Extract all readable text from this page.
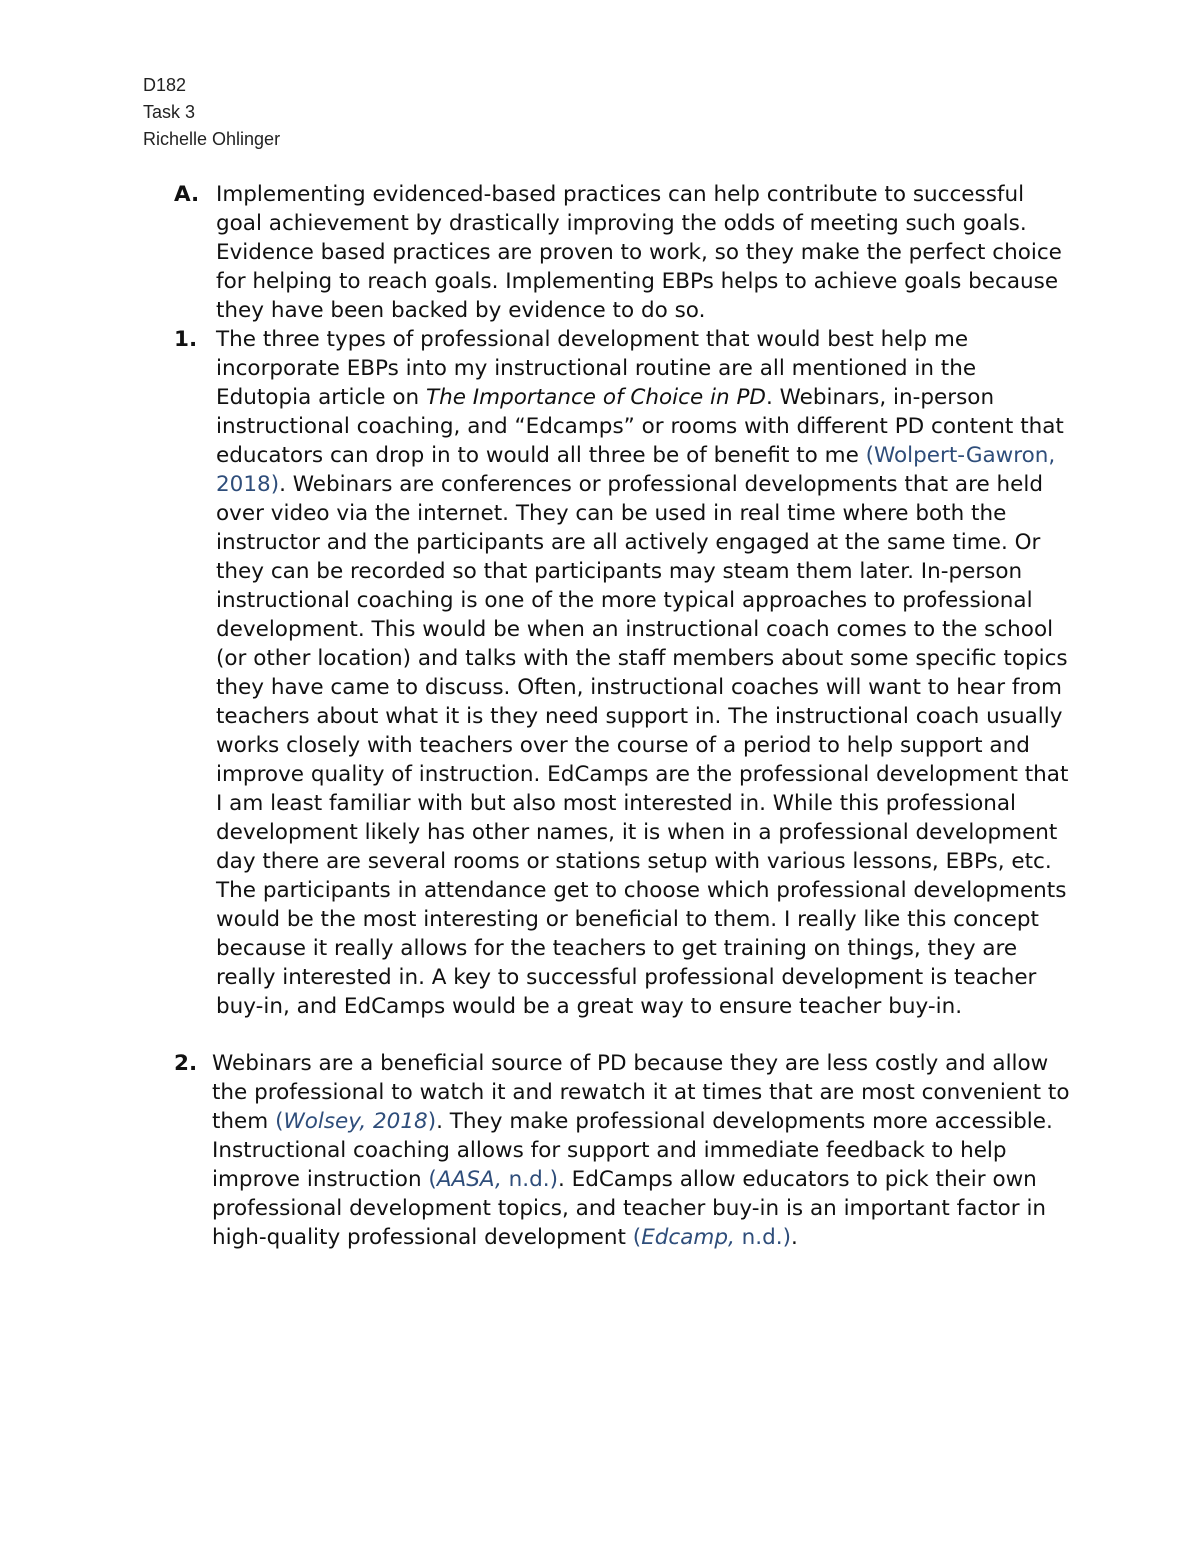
D182
Task 3
Richelle Ohlinger
A. Implementing evidenced-based practices can help contribute to successful goal achievement by drastically improving the odds of meeting such goals. Evidence based practices are proven to work, so they make the perfect choice for helping to reach goals. Implementing EBPs helps to achieve goals because they have been backed by evidence to do so.
1. The three types of professional development that would best help me incorporate EBPs into my instructional routine are all mentioned in the Edutopia article on The Importance of Choice in PD. Webinars, in-person instructional coaching, and “Edcamps” or rooms with different PD content that educators can drop in to would all three be of benefit to me (Wolpert-Gawron, 2018). Webinars are conferences or professional developments that are held over video via the internet. They can be used in real time where both the instructor and the participants are all actively engaged at the same time. Or they can be recorded so that participants may steam them later. In-person instructional coaching is one of the more typical approaches to professional development. This would be when an instructional coach comes to the school (or other location) and talks with the staff members about some specific topics they have came to discuss. Often, instructional coaches will want to hear from teachers about what it is they need support in. The instructional coach usually works closely with teachers over the course of a period to help support and improve quality of instruction. EdCamps are the professional development that I am least familiar with but also most interested in. While this professional development likely has other names, it is when in a professional development day there are several rooms or stations setup with various lessons, EBPs, etc. The participants in attendance get to choose which professional developments would be the most interesting or beneficial to them. I really like this concept because it really allows for the teachers to get training on things, they are really interested in. A key to successful professional development is teacher buy-in, and EdCamps would be a great way to ensure teacher buy-in.
2. Webinars are a beneficial source of PD because they are less costly and allow the professional to watch it and rewatch it at times that are most convenient to them (Wolsey, 2018). They make professional developments more accessible. Instructional coaching allows for support and immediate feedback to help improve instruction (AASA, n.d.). EdCamps allow educators to pick their own professional development topics, and teacher buy-in is an important factor in high-quality professional development (Edcamp, n.d.).
